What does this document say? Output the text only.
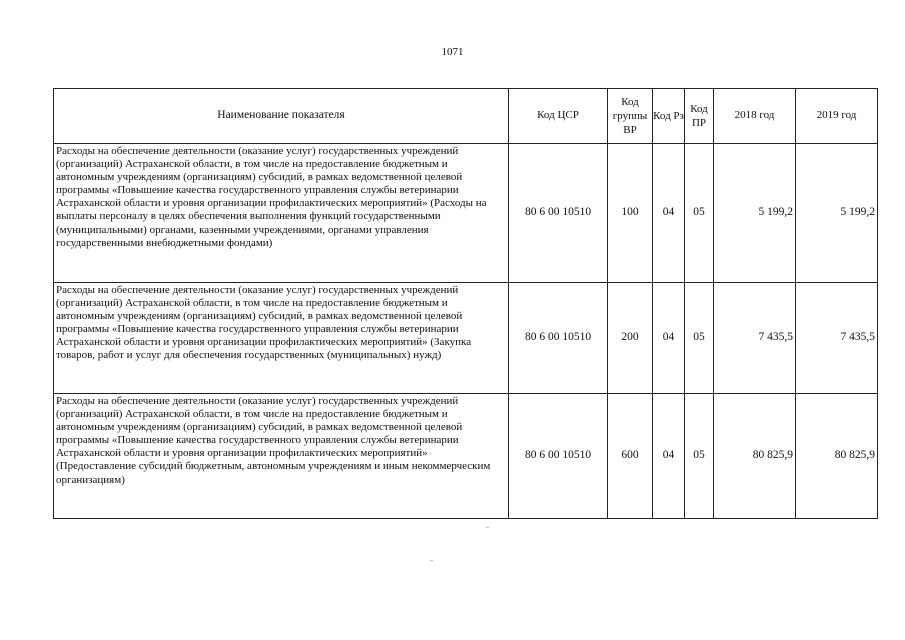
1071
Наименование показателя	Код ЦСР	Код группы ВР	Код Рз	Код ПР	2018 год	2019 год
Расходы на обеспечение деятельности (оказание услуг) государственных учреждений (организаций) Астраханской области, в том числе на предоставление бюджетным и автономным учреждениям (организациям) субсидий, в рамках ведомственной целевой программы «Повышение качества государственного управления службы ветеринарии Астраханской области и уровня организации профилактических мероприятий» (Расходы на выплаты персоналу в целях обеспечения выполнения функций государственными (муниципальными) органами, казенными учреждениями, органами управления государственными внебюджетными фондами)	80 6 00 10510	100	04	05	5 199,2	5 199,2
Расходы на обеспечение деятельности (оказание услуг) государственных учреждений (организаций) Астраханской области, в том числе на предоставление бюджетным и автономным учреждениям (организациям) субсидий, в рамках ведомственной целевой программы «Повышение качества государственного управления службы ветеринарии Астраханской области и уровня организации профилактических мероприятий» (Закупка товаров, работ и услуг для обеспечения государственных (муниципальных) нужд)	80 6 00 10510	200	04	05	7 435,5	7 435,5
Расходы на обеспечение деятельности (оказание услуг) государственных учреждений (организаций) Астраханской области, в том числе на предоставление бюджетным и автономным учреждениям (организациям) субсидий, в рамках ведомственной целевой программы «Повышение качества государственного управления службы ветеринарии Астраханской области и уровня организации профилактических мероприятий» (Предоставление субсидий бюджетным, автономным учреждениям и иным некоммерческим организациям)	80 6 00 10510	600	04	05	80 825,9	80 825,9
